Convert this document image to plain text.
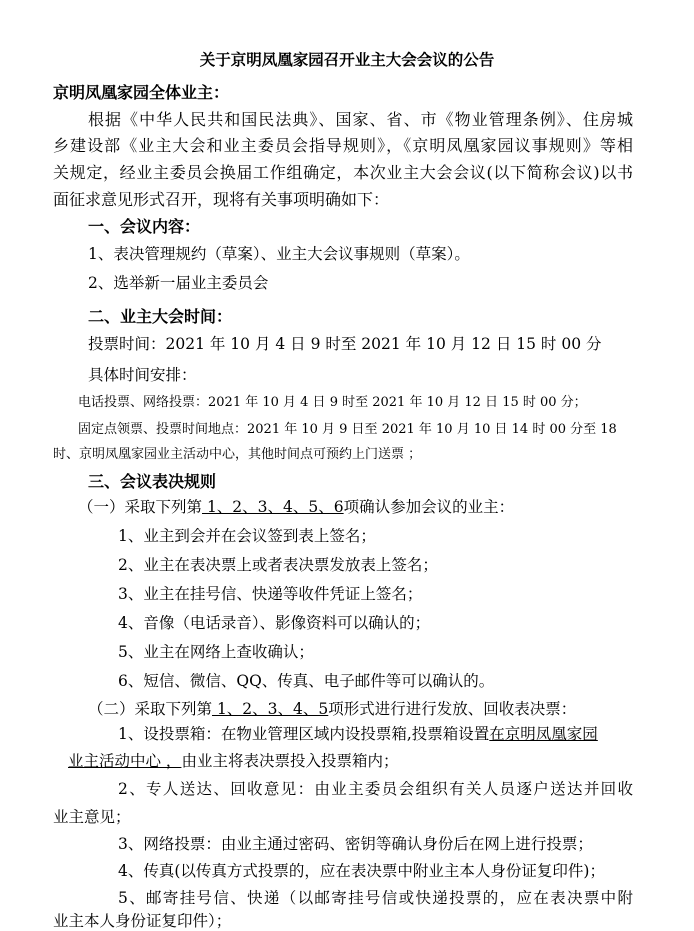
关于京明凤凰家园召开业主大会会议的公告
京明凤凰家园全体业主：
根据《中华人民共和国民法典》、国家、省、市《物业管理条例》、住房城
乡建设部《业主大会和业主委员会指导规则》，《京明凤凰家园议事规则》等相
关规定，经业主委员会换届工作组确定，本次业主大会会议(以下简称会议)以书
面征求意见形式召开，现将有关事项明确如下：
一、会议内容：
1、表决管理规约（草案）、业主大会议事规则（草案）。
2、选举新一届业主委员会
二、业主大会时间：
投票时间：2021 年 10 月 4 日 9 时至 2021 年 10 月 12 日 15 时 00 分
具体时间安排：
电话投票、网络投票：2021 年 10 月 4 日 9 时至 2021 年 10 月 12 日 15 时 00 分；
固定点领票、投票时间地点：2021 年 10 月 9 日至 2021 年 10 月 10 日 14 时 00 分至 18
时、京明凤凰家园业主活动中心，其他时间点可预约上门送票 ；
三、会议表决规则
（一）采取下列第 1、2、3、4、5、6项确认参加会议的业主：
1、业主到会并在会议签到表上签名；
2、业主在表决票上或者表决票发放表上签名；
3、业主在挂号信、快递等收件凭证上签名；
4、音像（电话录音）、影像资料可以确认的；
5、业主在网络上查收确认；
6、短信、微信、QQ、传真、电子邮件等可以确认的。
（二）采取下列第 1、2、3、4、5项形式进行进行发放、回收表决票：
1、设投票箱：在物业管理区域内设投票箱,投票箱设置在京明凤凰家园
业主活动中心 ，由业主将表决票投入投票箱内；
2、专人送达、回收意见：由业主委员会组织有关人员逐户送达并回收
业主意见；
3、网络投票：由业主通过密码、密钥等确认身份后在网上进行投票；
4、传真(以传真方式投票的，应在表决票中附业主本人身份证复印件)；
5、邮寄挂号信、快递（以邮寄挂号信或快递投票的，应在表决票中附
业主本人身份证复印件）；
